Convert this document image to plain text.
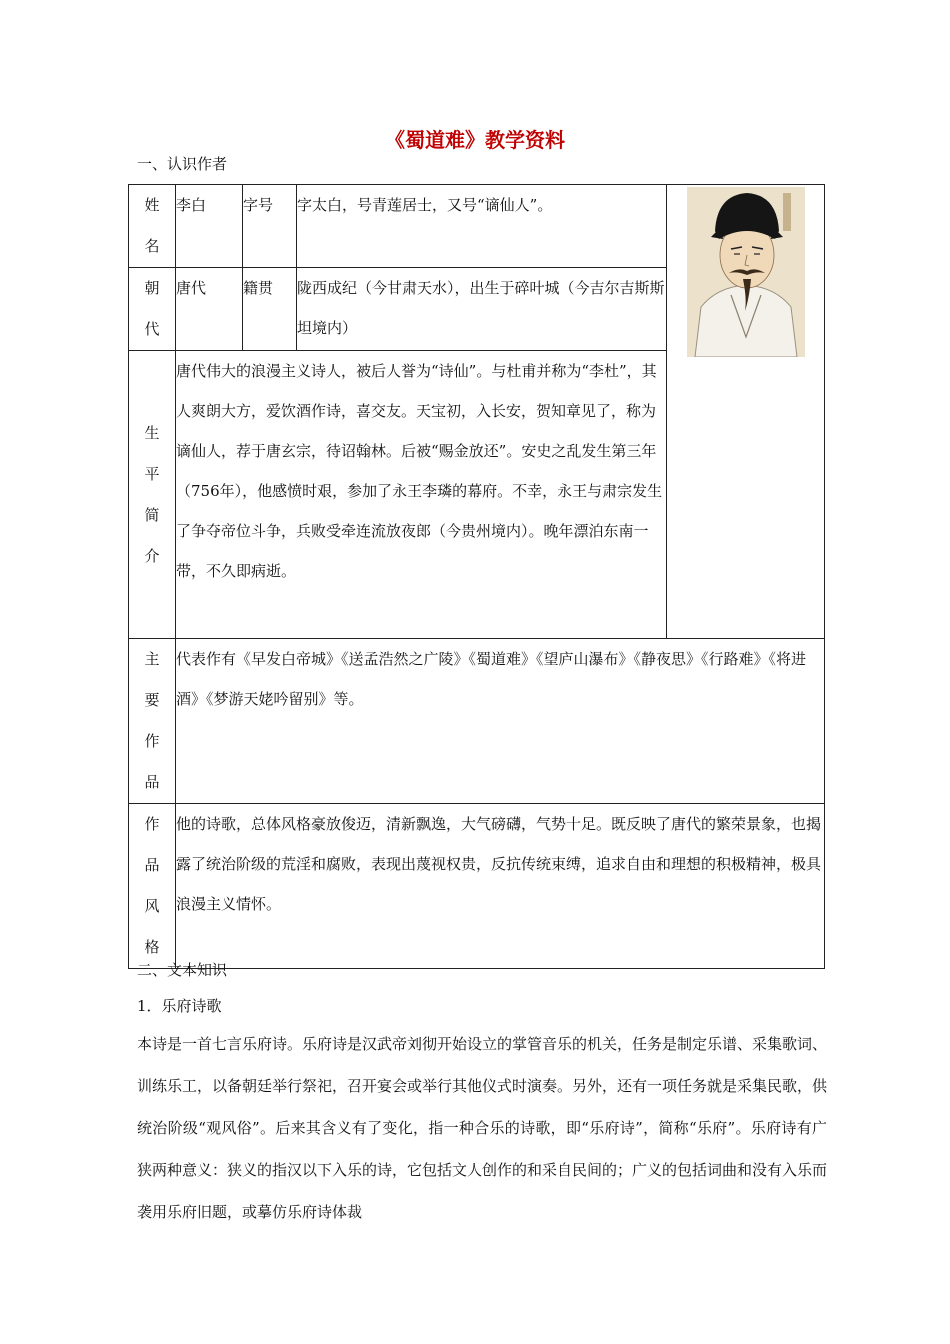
《蜀道难》教学资料
一、认识作者
姓
名	李白	字号	字太白，号青莲居士，又号“谪仙人”。	

朝
代	唐代	籍贯	陇西成纪（今甘肃天水），出生于碎叶城（今吉尔吉斯斯坦境内）	
生
平
简
介	唐代伟大的浪漫主义诗人，被后人誉为“诗仙”。与杜甫并称为“李杜”，其人爽朗大方，爱饮酒作诗，喜交友。天宝初，入长安，贺知章见了，称为谪仙人，荐于唐玄宗，待诏翰林。后被“赐金放还”。安史之乱发生第三年（756年），他感愤时艰，参加了永王李璘的幕府。不幸，永王与肃宗发生了争夺帝位斗争，兵败受牵连流放夜郎（今贵州境内）。晚年漂泊东南一带，不久即病逝。			
主
要
作
品	代表作有《早发白帝城》《送孟浩然之广陵》《蜀道难》《望庐山瀑布》《静夜思》《行路难》《将进酒》《梦游天姥吟留别》等。			
作
品
风
格	他的诗歌，总体风格豪放俊迈，清新飘逸，大气磅礴，气势十足。既反映了唐代的繁荣景象，也揭露了统治阶级的荒淫和腐败，表现出蔑视权贵，反抗传统束缚，追求自由和理想的积极精神，极具浪漫主义情怀。			
二、文本知识
1．乐府诗歌
本诗是一首七言乐府诗。乐府诗是汉武帝刘彻开始设立的掌管音乐的机关，任务是制定乐谱、采集歌词、训练乐工，以备朝廷举行祭祀，召开宴会或举行其他仪式时演奏。另外，还有一项任务就是采集民歌，供统治阶级“观风俗”。后来其含义有了变化，指一种合乐的诗歌，即“乐府诗”，简称“乐府”。乐府诗有广狭两种意义：狭义的指汉以下入乐的诗，它包括文人创作的和采自民间的；广义的包括词曲和没有入乐而袭用乐府旧题，或摹仿乐府诗体裁
